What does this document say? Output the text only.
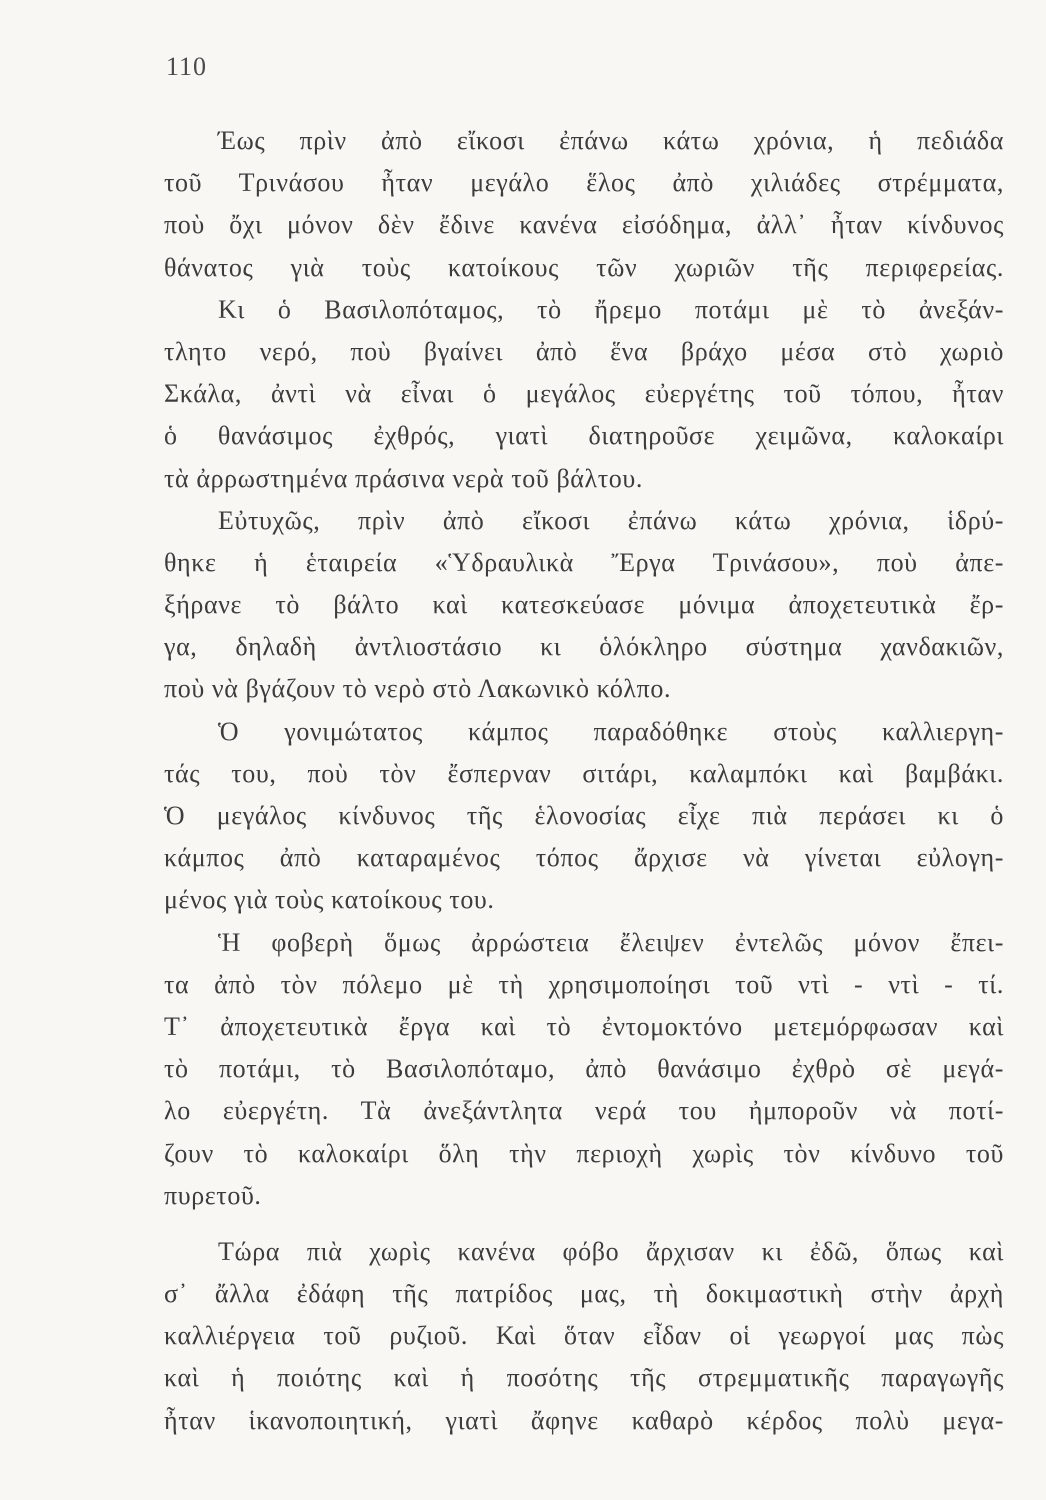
110
Έως πρὶν ἀπὸ εἴκοσι ἐπάνω κάτω χρόνια, ἡ πεδιάδα
τοῦ Τρινάσου ἦταν μεγάλο ἕλος ἀπὸ χιλιάδες στρέμματα,
ποὺ ὄχι μόνον δὲν ἔδινε κανένα εἰσόδημα, ἀλλ᾽ ἦταν κίνδυνος
θάνατος γιὰ τοὺς κατοίκους τῶν χωριῶν τῆς περιφερείας.
Κι ὁ Βασιλοπόταμος, τὸ ἤρεμο ποτάμι μὲ τὸ ἀνεξάν-
τλητο νερό, ποὺ βγαίνει ἀπὸ ἕνα βράχο μέσα στὸ χωριὸ
Σκάλα, ἀντὶ νὰ εἶναι ὁ μεγάλος εὐεργέτης τοῦ τόπου, ἦταν
ὁ θανάσιμος ἐχθρός, γιατὶ διατηροῦσε χειμῶνα, καλοκαίρι
τὰ ἀρρωστημένα πράσινα νερὰ τοῦ βάλτου.
Εὐτυχῶς, πρὶν ἀπὸ εἴκοσι ἐπάνω κάτω χρόνια, ἱδρύ-
θηκε ἡ ἑταιρεία «Ὑδραυλικὰ Ἔργα Τρινάσου», ποὺ ἀπε-
ξήρανε τὸ βάλτο καὶ κατεσκεύασε μόνιμα ἀποχετευτικὰ ἔρ-
γα, δηλαδὴ ἀντλιοστάσιο κι ὁλόκληρο σύστημα χανδακιῶν,
ποὺ νὰ βγάζουν τὸ νερὸ στὸ Λακωνικὸ κόλπο.
Ὁ γονιμώτατος κάμπος παραδόθηκε στοὺς καλλιεργη-
τάς του, ποὺ τὸν ἔσπερναν σιτάρι, καλαμπόκι καὶ βαμβάκι.
Ὁ μεγάλος κίνδυνος τῆς ἑλονοσίας εἶχε πιὰ περάσει κι ὁ
κάμπος ἀπὸ καταραμένος τόπος ἄρχισε νὰ γίνεται εὐλογη-
μένος γιὰ τοὺς κατοίκους του.
Ἡ φοβερὴ ὅμως ἀρρώστεια ἔλειψεν ἐντελῶς μόνον ἔπει-
τα ἀπὸ τὸν πόλεμο μὲ τὴ χρησιμοποίησι τοῦ ντὶ - ντὶ - τί.
Τ᾽ ἀποχετευτικὰ ἔργα καὶ τὸ ἐντομοκτόνο μετεμόρφωσαν καὶ
τὸ ποτάμι, τὸ Βασιλοπόταμο, ἀπὸ θανάσιμο ἐχθρὸ σὲ μεγά-
λο εὐεργέτη. Τὰ ἀνεξάντλητα νερά του ἠμποροῦν νὰ ποτί-
ζουν τὸ καλοκαίρι ὅλη τὴν περιοχὴ χωρὶς τὸν κίνδυνο τοῦ
πυρετοῦ.
Τώρα πιὰ χωρὶς κανένα φόβο ἄρχισαν κι ἐδῶ, ὅπως καὶ
σ᾽ ἄλλα ἐδάφη τῆς πατρίδος μας, τὴ δοκιμαστικὴ στὴν ἀρχὴ
καλλιέργεια τοῦ ρυζιοῦ. Καὶ ὅταν εἶδαν οἱ γεωργοί μας πὼς
καὶ ἡ ποιότης καὶ ἡ ποσότης τῆς στρεμματικῆς παραγωγῆς
ἦταν ἱκανοποιητική, γιατὶ ἄφηνε καθαρὸ κέρδος πολὺ μεγα-
